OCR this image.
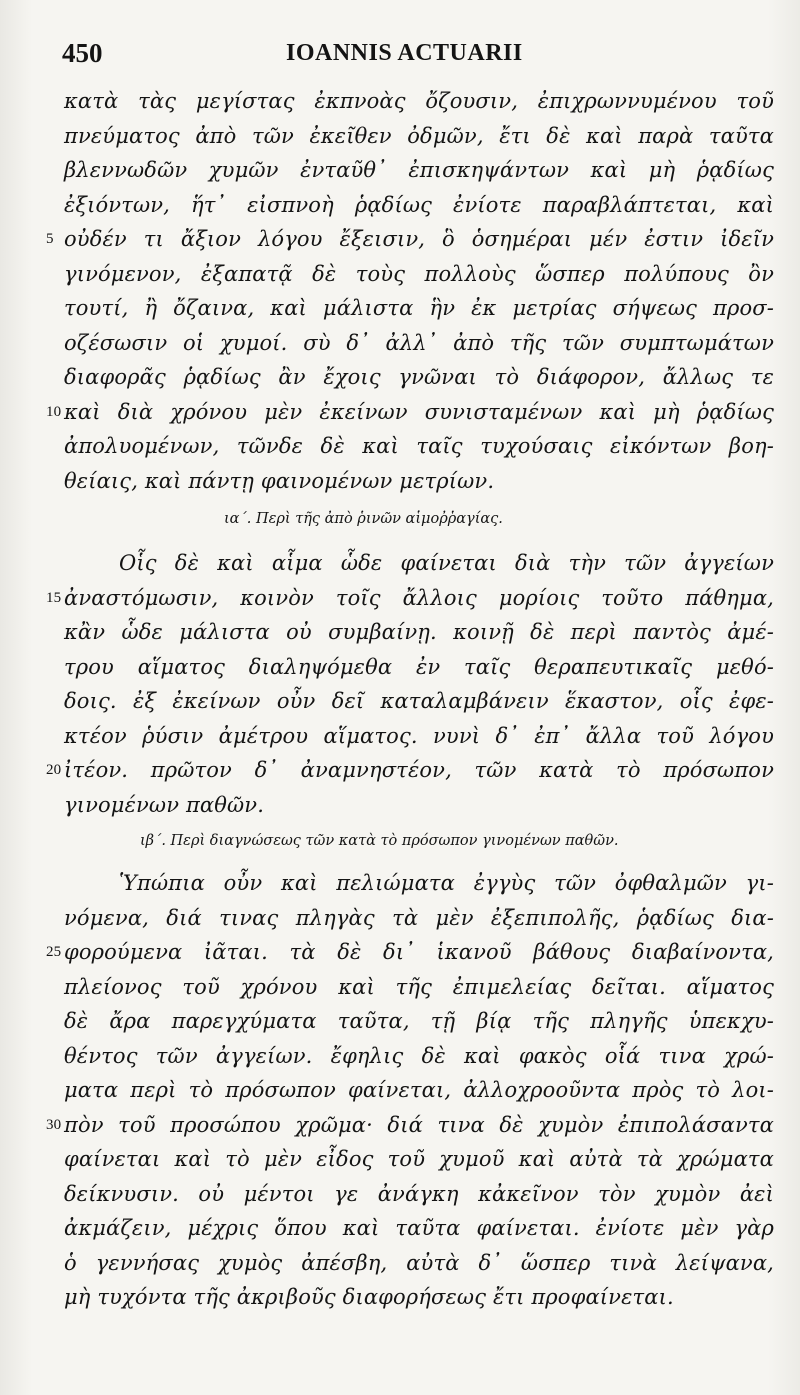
450	IOANNIS ACTUARII
κατὰ τὰς μεγίστας ἐκπνοὰς ὄζουσιν, ἐπιχρωννυμένου τοῦ
πνεύματος ἀπὸ τῶν ἐκεῖθεν ὀδμῶν, ἔτι δὲ καὶ παρὰ ταῦτα
βλεννωδῶν χυμῶν ἐνταῦθ᾽ ἐπισκηψάντων καὶ μὴ ῥᾳδίως
ἐξιόντων, ἥτ᾽ εἰσπνοὴ ῥᾳδίως ἐνίοτε παραβλάπτεται, καὶ
5 οὐδέν τι ἄξιον λόγου ἔξεισιν, ὃ ὁσημέραι μέν ἐστιν ἰδεῖν
γινόμενον, ἐξαπατᾷ δὲ τοὺς πολλοὺς ὥσπερ πολύπους ὂν
τουτί, ἢ ὄζαινα, καὶ μάλιστα ἣν ἐκ μετρίας σήψεως προσ-
οζέσωσιν οἱ χυμοί. σὺ δ᾽ ἀλλ᾽ ἀπὸ τῆς τῶν συμπτωμάτων
διαφορᾶς ῥᾳδίως ἂν ἔχοις γνῶναι τὸ διάφορον, ἄλλως τε
10 καὶ διὰ χρόνου μὲν ἐκείνων συνισταμένων καὶ μὴ ῥᾳδίως
ἀπολυομένων, τῶνδε δὲ καὶ ταῖς τυχούσαις εἰκόντων βοη-
θείαις, καὶ πάντῃ φαινομένων μετρίων.
ια΄. Περὶ τῆς ἀπὸ ῥινῶν αἱμοῤῥαγίας.
Οἷς δὲ καὶ αἷμα ὧδε φαίνεται διὰ τὴν τῶν ἀγγείων
15 ἀναστόμωσιν, κοινὸν τοῖς ἄλλοις μορίοις τοῦτο πάθημα,
κἂν ὧδε μάλιστα οὐ συμβαίνῃ. κοινῇ δὲ περὶ παντὸς ἀμέ-
τρου αἵματος διαληψόμεθα ἐν ταῖς θεραπευτικαῖς μεθό-
δοις. ἐξ ἐκείνων οὖν δεῖ καταλαμβάνειν ἕκαστον, οἷς ἐφε-
κτέον ῥύσιν ἀμέτρου αἵματος. νυνὶ δ᾽ ἐπ᾽ ἄλλα τοῦ λόγου
20 ἰτέον. πρῶτον δ᾽ ἀναμνηστέον, τῶν κατὰ τὸ πρόσωπον
γινομένων παθῶν.
ιβ΄. Περὶ διαγνώσεως τῶν κατὰ τὸ πρόσωπον γινομένων παθῶν.
Ὑπώπια οὖν καὶ πελιώματα ἐγγὺς τῶν ὀφθαλμῶν γι-
νόμενα, διά τινας πληγὰς τὰ μὲν ἐξεπιπολῆς, ῥᾳδίως δια-
25 φορούμενα ἰᾶται. τὰ δὲ δι᾽ ἱκανοῦ βάθους διαβαίνοντα,
πλείονος τοῦ χρόνου καὶ τῆς ἐπιμελείας δεῖται. αἵματος
δὲ ἄρα παρεγχύματα ταῦτα, τῇ βίᾳ τῆς πληγῆς ὑπεκχυ-
θέντος τῶν ἀγγείων. ἔφηλις δὲ καὶ φακὸς οἷά τινα χρώ-
ματα περὶ τὸ πρόσωπον φαίνεται, ἀλλοχροοῦντα πρὸς τὸ λοι-
30 πὸν τοῦ προσώπου χρῶμα· διά τινα δὲ χυμὸν ἐπιπολάσαντα
φαίνεται καὶ τὸ μὲν εἶδος τοῦ χυμοῦ καὶ αὐτὰ τὰ χρώματα
δείκνυσιν. οὐ μέντοι γε ἀνάγκη κἀκεῖνον τὸν χυμὸν ἀεὶ
ἀκμάζειν, μέχρις ὅπου καὶ ταῦτα φαίνεται. ἐνίοτε μὲν γὰρ
ὁ γεννήσας χυμὸς ἀπέσβη, αὐτὰ δ᾽ ὥσπερ τινὰ λείψανα,
μὴ τυχόντα τῆς ἀκριβοῦς διαφορήσεως ἔτι προφαίνεται.
